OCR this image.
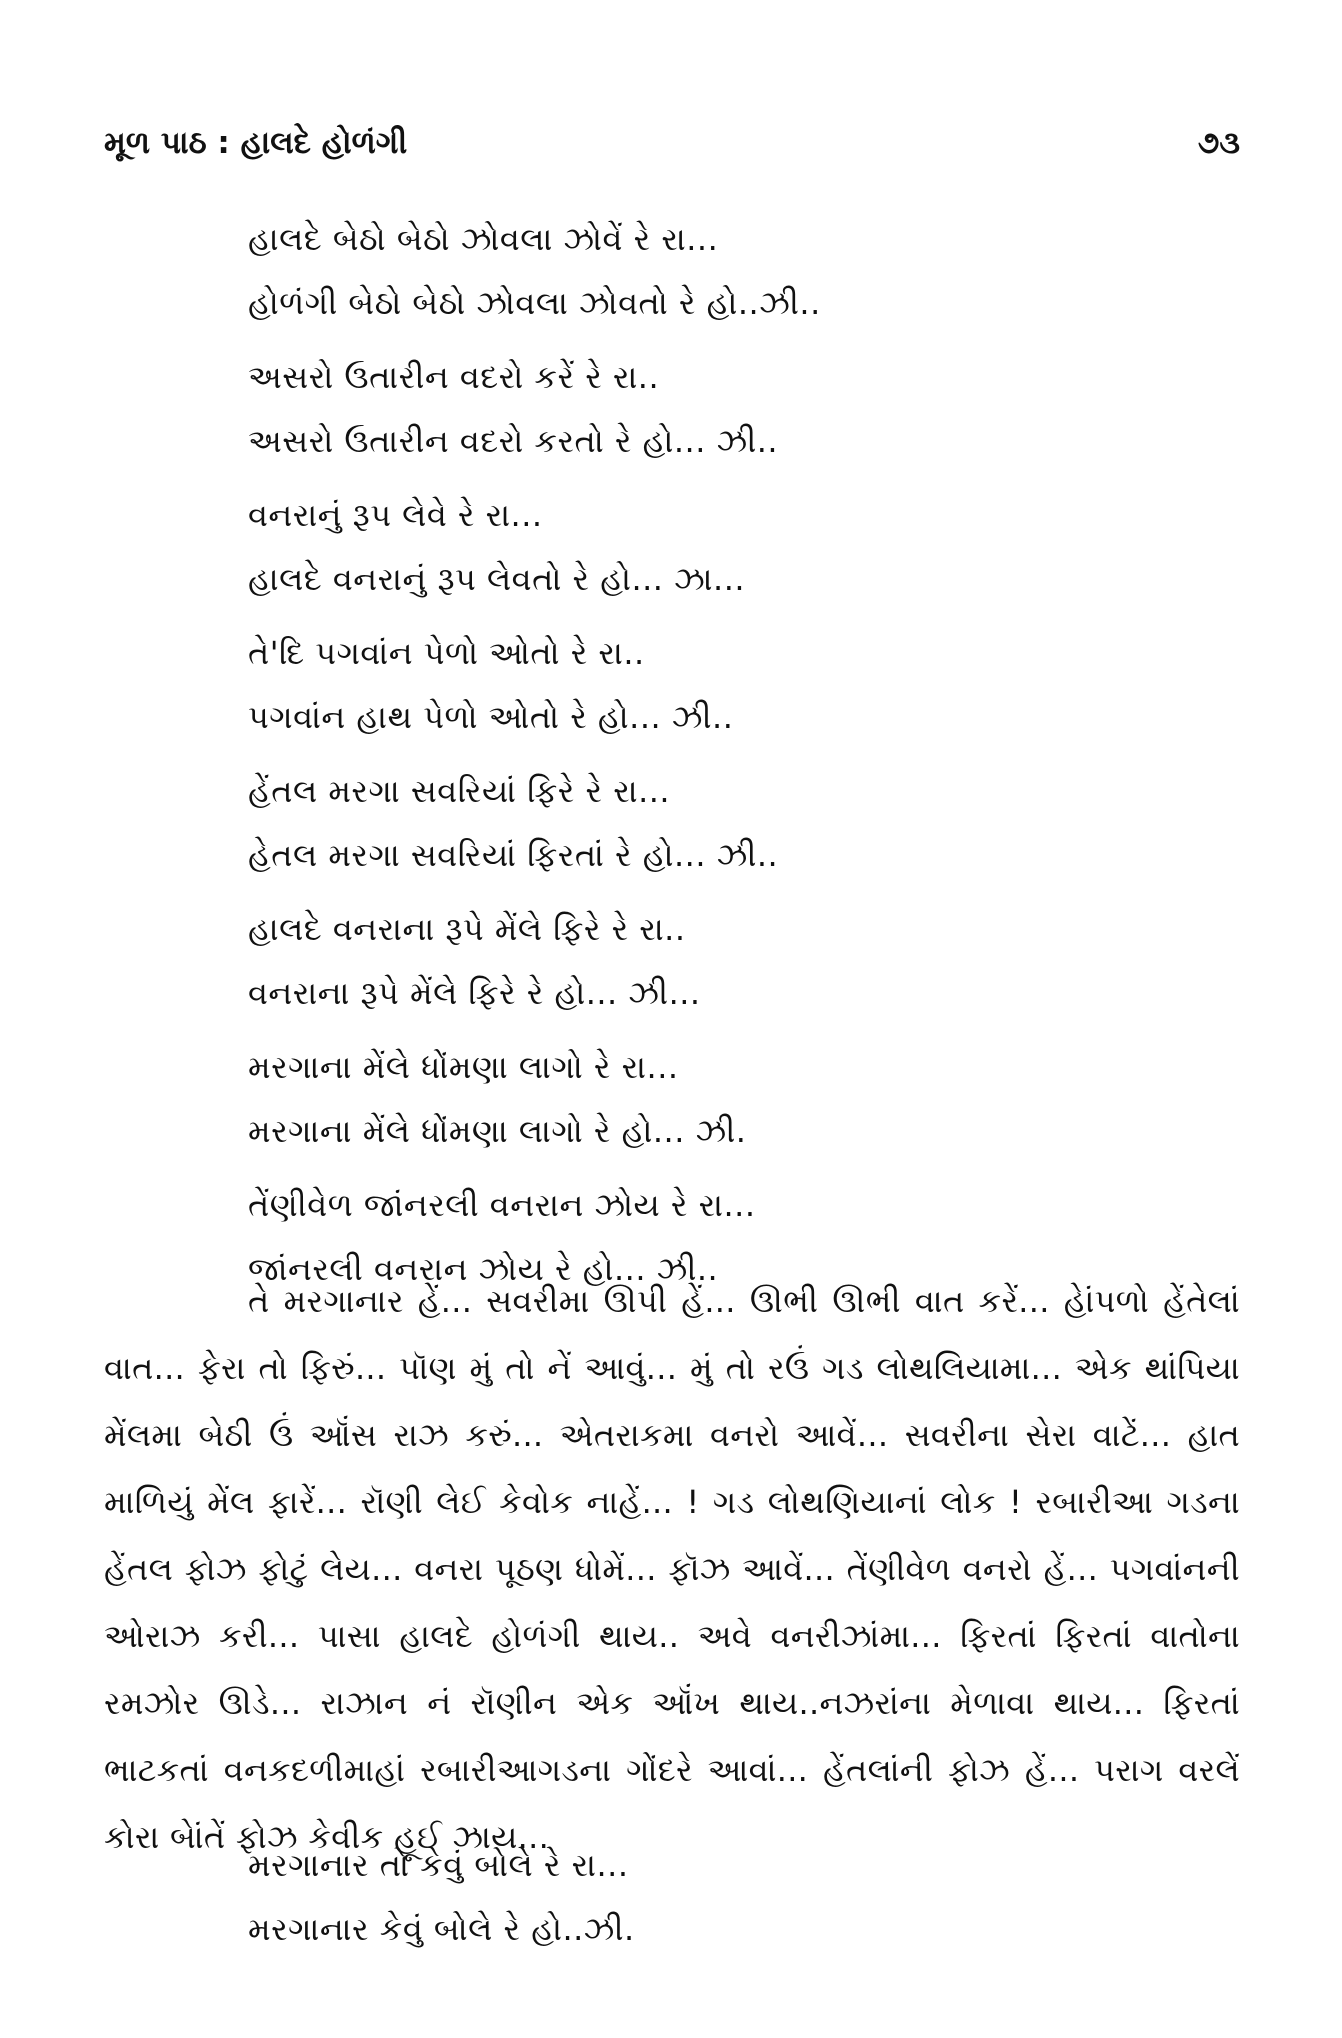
મૂળ પાઠ : હાલદે હોળંગી	૭૩
હાલદે બેઠો બેઠો ઝોવલા ઝોવેં રે રા...
હોળંગી બેઠો બેઠો ઝોવલા ઝોવતો રે હો..ઝી..
અસરો ઉતારીન વદરો કરેં રે રા..
અસરો ઉતારીન વદરો કરતો રે હો... ઝી..
વનરાનું રૂપ લેવે રે રા...
હાલદે વનરાનું રૂપ લેવતો રે હો... ઝા...
તે'દિ પગવાંન પેળો ઓતો રે રા..
પગવાંન હાથ પેળો ઓતો રે હો... ઝી..
હેંતલ મરગા સવરિયાં ફિરે રે રા...
હેતલ મરગા સવરિયાં ફિરતાં રે હો... ઝી..
હાલદે વનરાના રૂપે મેંલે ફિરે રે રા..
વનરાના રૂપે મેંલે ફિરે રે હો... ઝી...
મરગાના મેંલે ધોંમણા લાગો રે રા...
મરગાના મેંલે ધોંમણા લાગો રે હો... ઝી.
તેંણીવેળ જાંનરલી વનરાન ઝોય રે રા...
જાંનરલી વનરાન ઝોય રે હો... ઝી..

તે મરગાનાર હેં... સવરીમા ઊપી હેં... ઊભી ઊભી વાત કરેં... હેાંપળો હેંતેલાં વાત... ફેરા તો ફિરું... પૉણ મું તો નેં આવું... મું તો રઉં ગડ લોથલિયામા... એક થાંપિયા મેંલમા બેઠી ઉં ઑંસ રાઝ કરું... એતરાકમા વનરો આવેં... સવરીના સેરા વાટેં... હાત માળિયું મેંલ ફારેં... રૉણી લેઈ કેવોક નાહેં... ! ગડ લોથણિયાનાં લોક ! રબારીઆ ગડના હેંતલ ફોઝ ફોટું લેય... વનરા પૂઠણ ધોમેં... ફૉઝ આવેં... તેંણીવેળ વનરો હેં... પગવાંનની ઓરાઝ કરી... પાસા હાલદે હોળંગી થાય.. અવે વનરીઝાંમા... ફિરતાં ફિરતાં વાતોના રમઝોર ઊડે... રાઝાન નં રૉણીન એક ઑંખ થાય..નઝરાંના મેળાવા થાય... ફિરતાં ભાટકતાં વનકદળીમાહાં રબારીઆગડના ગોંદરે આવાં... હેંતલાંની ફોઝ હેં... પરાગ વરલેં કોરા બેાંતેં ફોઝ કેવીક હૂઈ ઝાય...

મરગાનાર તો કેવું બોલે રે રા...
મરગાનાર કેવું બોલે રે હો..ઝી.
